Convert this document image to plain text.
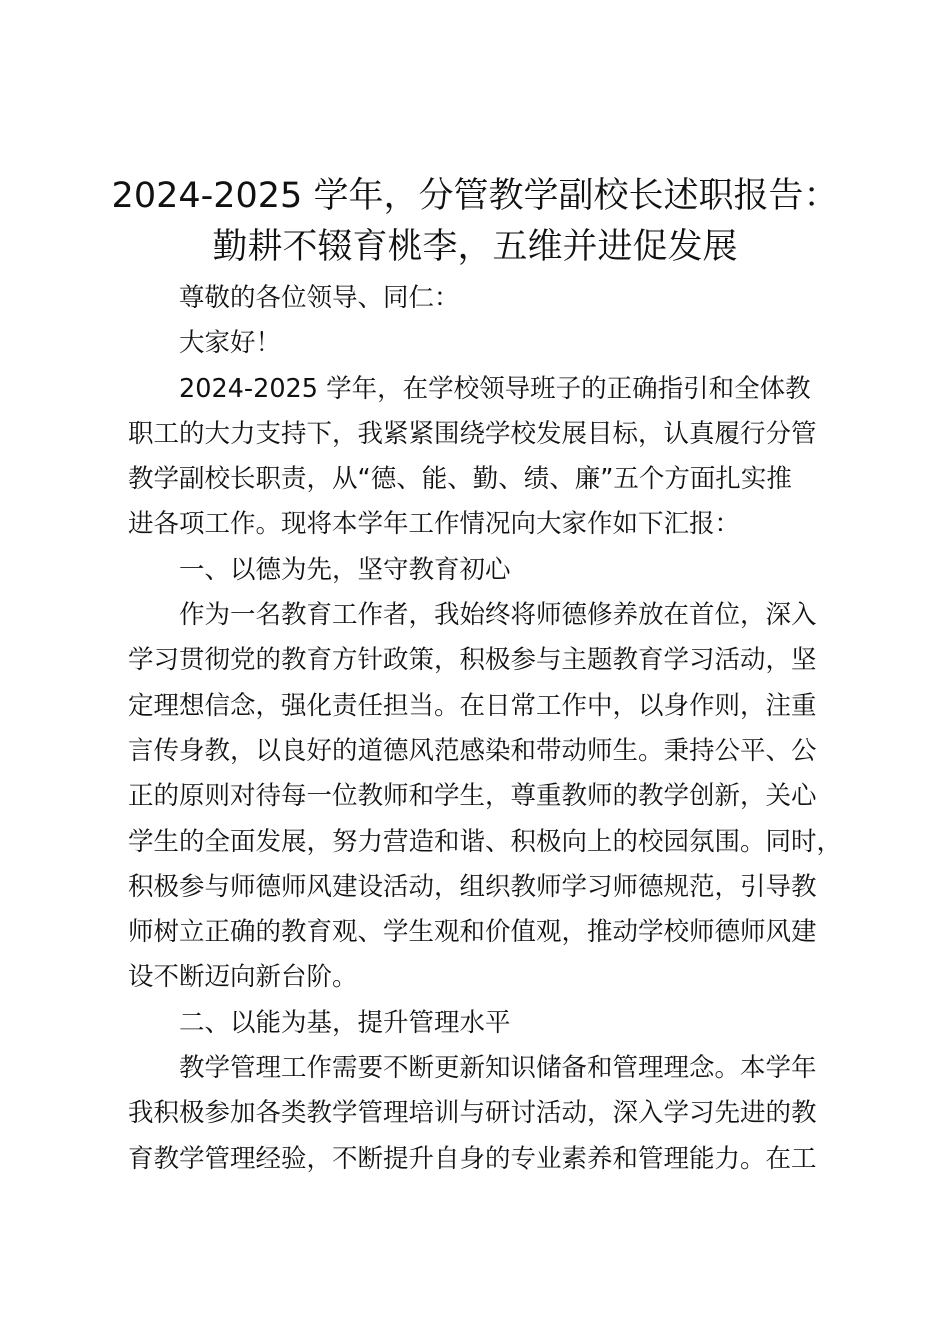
2024-2025 学年，分管教学副校长述职报告：
勤耕不辍育桃李，五维并进促发展
尊敬的各位领导、同仁：
大家好！
2024-2025 学年，在学校领导班子的正确指引和全体教
职工的大力支持下，我紧紧围绕学校发展目标，认真履行分管
教学副校长职责，从“德、能、勤、绩、廉”五个方面扎实推
进各项工作。现将本学年工作情况向大家作如下汇报：
一、以德为先，坚守教育初心
作为一名教育工作者，我始终将师德修养放在首位，深入
学习贯彻党的教育方针政策，积极参与主题教育学习活动，坚
定理想信念，强化责任担当。在日常工作中，以身作则，注重
言传身教，以良好的道德风范感染和带动师生。秉持公平、公
正的原则对待每一位教师和学生，尊重教师的教学创新，关心
学生的全面发展，努力营造和谐、积极向上的校园氛围。同时，
积极参与师德师风建设活动，组织教师学习师德规范，引导教
师树立正确的教育观、学生观和价值观，推动学校师德师风建
设不断迈向新台阶。
二、以能为基，提升管理水平
教学管理工作需要不断更新知识储备和管理理念。本学年
我积极参加各类教学管理培训与研讨活动，深入学习先进的教
育教学管理经验，不断提升自身的专业素养和管理能力。在工
